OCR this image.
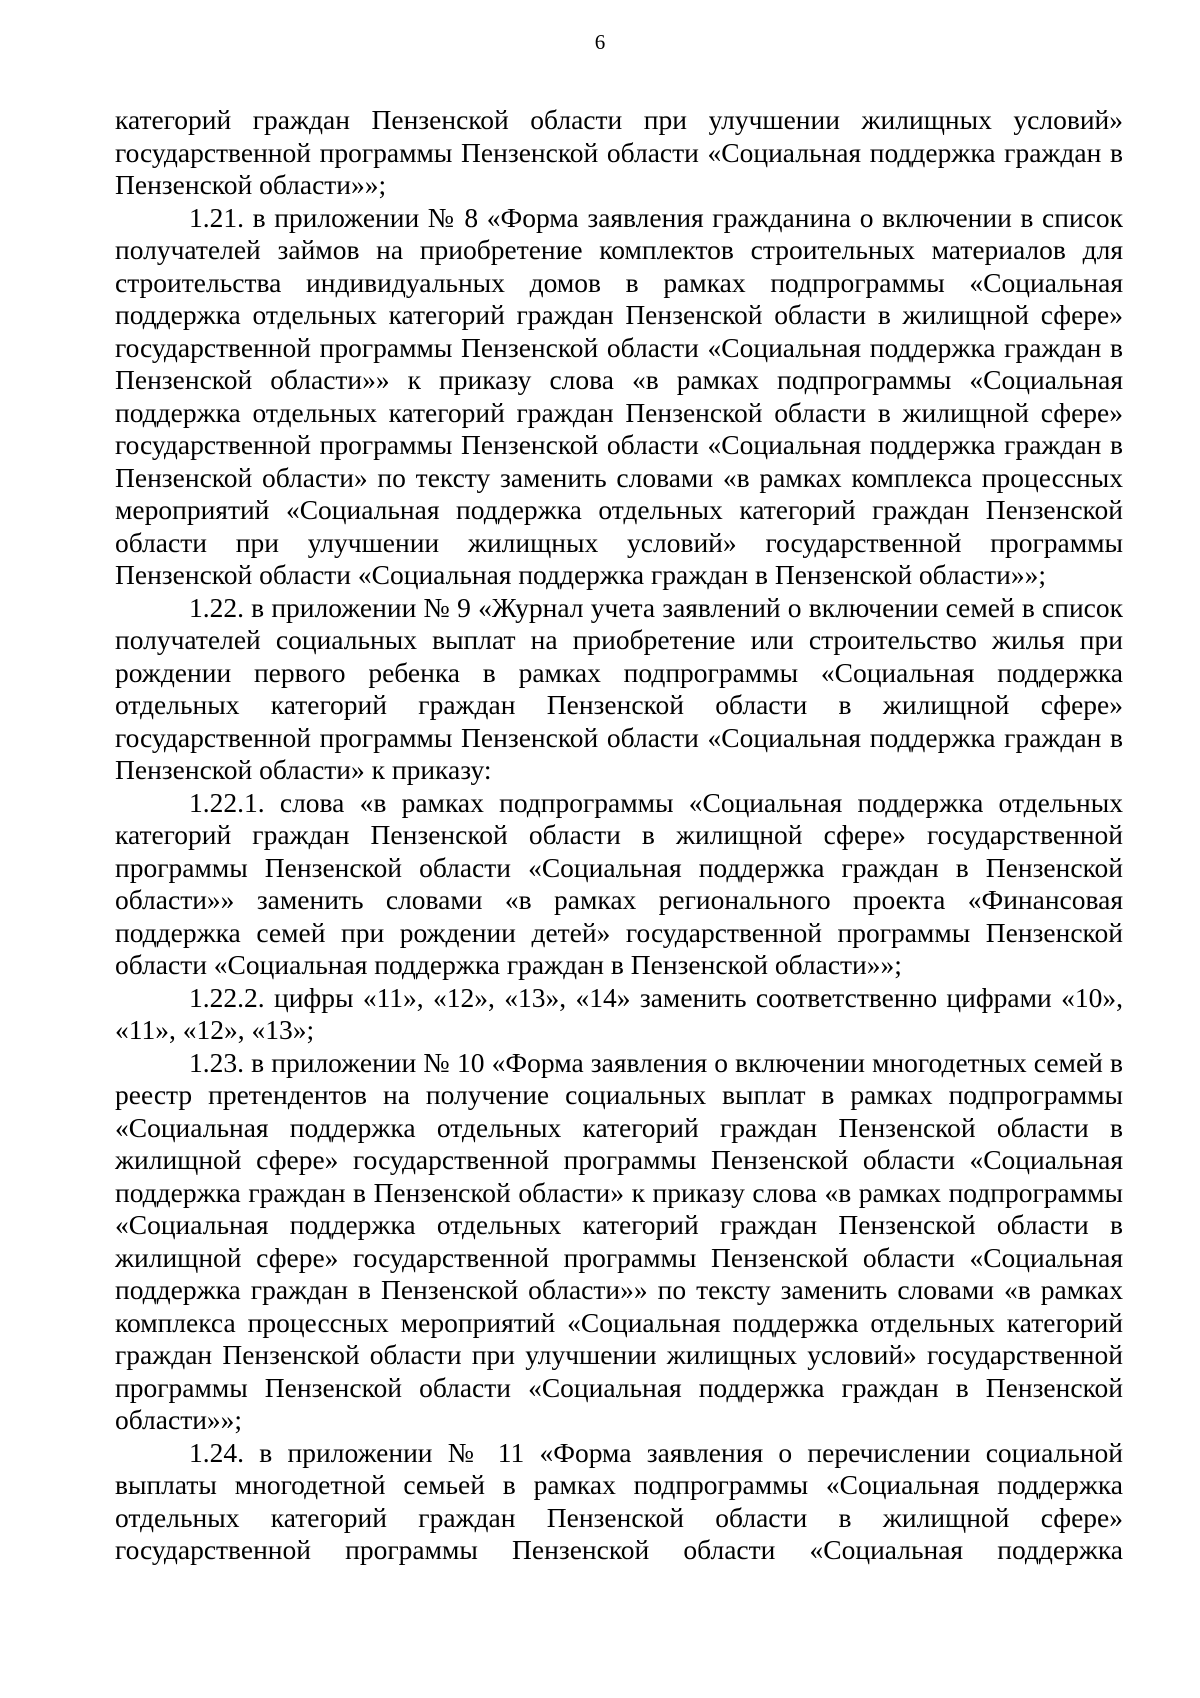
6

категорий граждан Пензенской области при улучшении жилищных условий» государственной программы Пензенской области «Социальная поддержка граждан в Пензенской области»»;

1.21. в приложении № 8 «Форма заявления гражданина о включении в список получателей займов на приобретение комплектов строительных материалов для строительства индивидуальных домов в рамках подпрограммы «Социальная поддержка отдельных категорий граждан Пензенской области в жилищной сфере» государственной программы Пензенской области «Социальная поддержка граждан в Пензенской области»» к приказу слова «в рамках подпрограммы «Социальная поддержка отдельных категорий граждан Пензенской области в жилищной сфере» государственной программы Пензенской области «Социальная поддержка граждан в Пензенской области» по тексту заменить словами «в рамках комплекса процессных мероприятий «Социальная поддержка отдельных категорий граждан Пензенской области при улучшении жилищных условий» государственной программы Пензенской области «Социальная поддержка граждан в Пензенской области»»;

1.22. в приложении № 9 «Журнал учета заявлений о включении семей в список получателей социальных выплат на приобретение или строительство жилья при рождении первого ребенка в рамках подпрограммы «Социальная поддержка отдельных категорий граждан Пензенской области в жилищной сфере» государственной программы Пензенской области «Социальная поддержка граждан в Пензенской области» к приказу:

1.22.1. слова «в рамках подпрограммы «Социальная поддержка отдельных категорий граждан Пензенской области в жилищной сфере» государственной программы Пензенской области «Социальная поддержка граждан в Пензенской области»» заменить словами «в рамках регионального проекта «Финансовая поддержка семей при рождении детей» государственной программы Пензенской области «Социальная поддержка граждан в Пензенской области»»;

1.22.2. цифры «11», «12», «13», «14» заменить соответственно цифрами «10», «11», «12», «13»;

1.23. в приложении № 10 «Форма заявления о включении многодетных семей в реестр претендентов на получение социальных выплат в рамках подпрограммы «Социальная поддержка отдельных категорий граждан Пензенской области в жилищной сфере» государственной программы Пензенской области «Социальная поддержка граждан в Пензенской области» к приказу слова «в рамках подпрограммы «Социальная поддержка отдельных категорий граждан Пензенской области в жилищной сфере» государственной программы Пензенской области «Социальная поддержка граждан в Пензенской области»» по тексту заменить словами «в рамках комплекса процессных мероприятий «Социальная поддержка отдельных категорий граждан Пензенской области при улучшении жилищных условий» государственной программы Пензенской области «Социальная поддержка граждан в Пензенской области»»;

1.24. в приложении № 11 «Форма заявления о перечислении социальной выплаты многодетной семьей в рамках подпрограммы «Социальная поддержка отдельных категорий граждан Пензенской области в жилищной сфере» государственной программы Пензенской области «Социальная поддержка
